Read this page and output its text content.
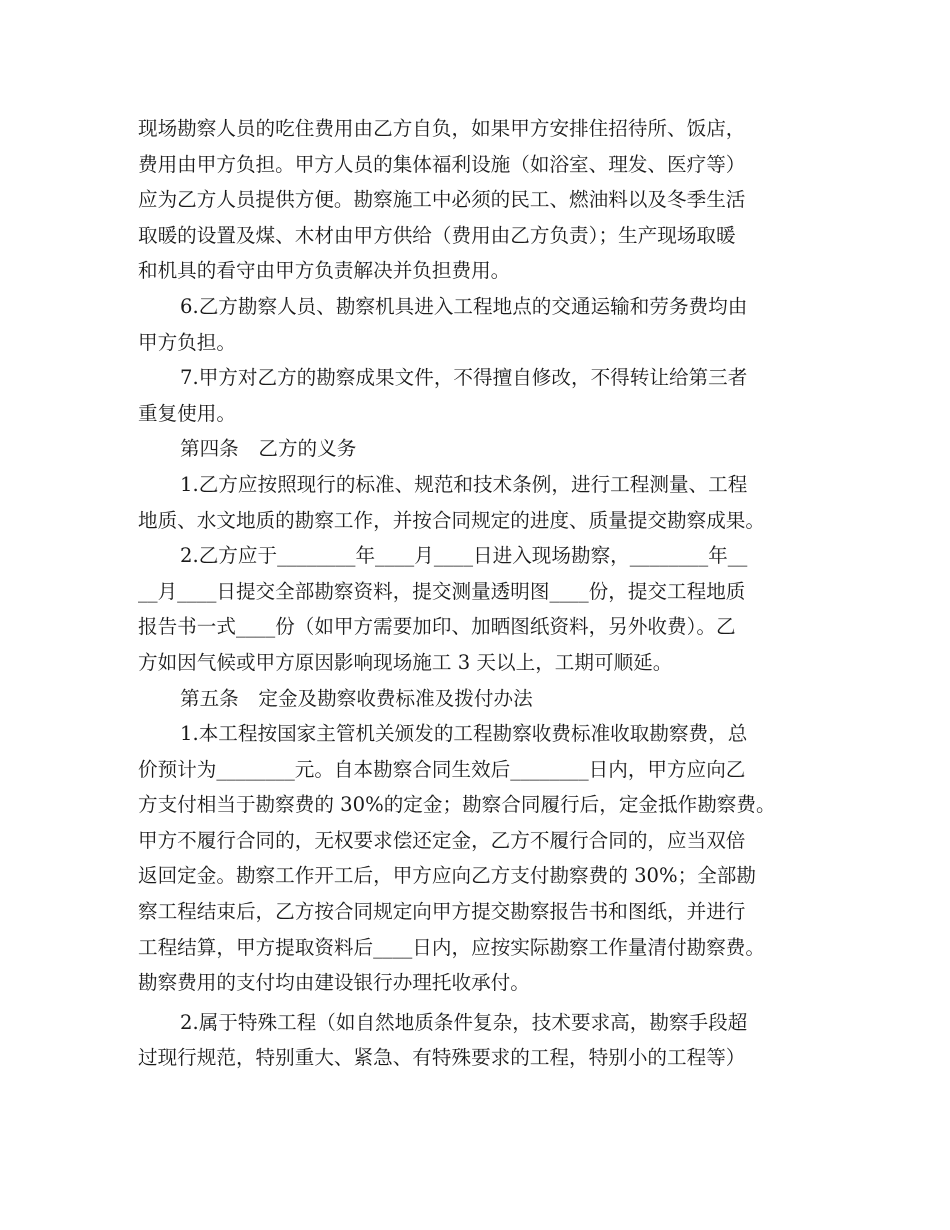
现场勘察人员的吃住费用由乙方自负，如果甲方安排住招待所、饭店，
费用由甲方负担。甲方人员的集体福利设施（如浴室、理发、医疗等）
应为乙方人员提供方便。勘察施工中必须的民工、燃油料以及冬季生活
取暖的设置及煤、木材由甲方供给（费用由乙方负责）；生产现场取暖
和机具的看守由甲方负责解决并负担费用。
6.乙方勘察人员、勘察机具进入工程地点的交通运输和劳务费均由
甲方负担。
7.甲方对乙方的勘察成果文件，不得擅自修改，不得转让给第三者
重复使用。
第四条　乙方的义务
1.乙方应按照现行的标准、规范和技术条例，进行工程测量、工程
地质、水文地质的勘察工作，并按合同规定的进度、质量提交勘察成果。
2.乙方应于________年____月____日进入现场勘察，________年__
__月____日提交全部勘察资料，提交测量透明图____份，提交工程地质
报告书一式____份（如甲方需要加印、加晒图纸资料，另外收费）。乙
方如因气候或甲方原因影响现场施工 3 天以上，工期可顺延。
第五条　定金及勘察收费标准及拨付办法
1.本工程按国家主管机关颁发的工程勘察收费标准收取勘察费，总
价预计为________元。自本勘察合同生效后________日内，甲方应向乙
方支付相当于勘察费的 30%的定金；勘察合同履行后，定金抵作勘察费。
甲方不履行合同的，无权要求偿还定金，乙方不履行合同的，应当双倍
返回定金。勘察工作开工后，甲方应向乙方支付勘察费的 30%；全部勘
察工程结束后，乙方按合同规定向甲方提交勘察报告书和图纸，并进行
工程结算，甲方提取资料后____日内，应按实际勘察工作量清付勘察费。
勘察费用的支付均由建设银行办理托收承付。
2.属于特殊工程（如自然地质条件复杂，技术要求高，勘察手段超
过现行规范，特别重大、紧急、有特殊要求的工程，特别小的工程等）
